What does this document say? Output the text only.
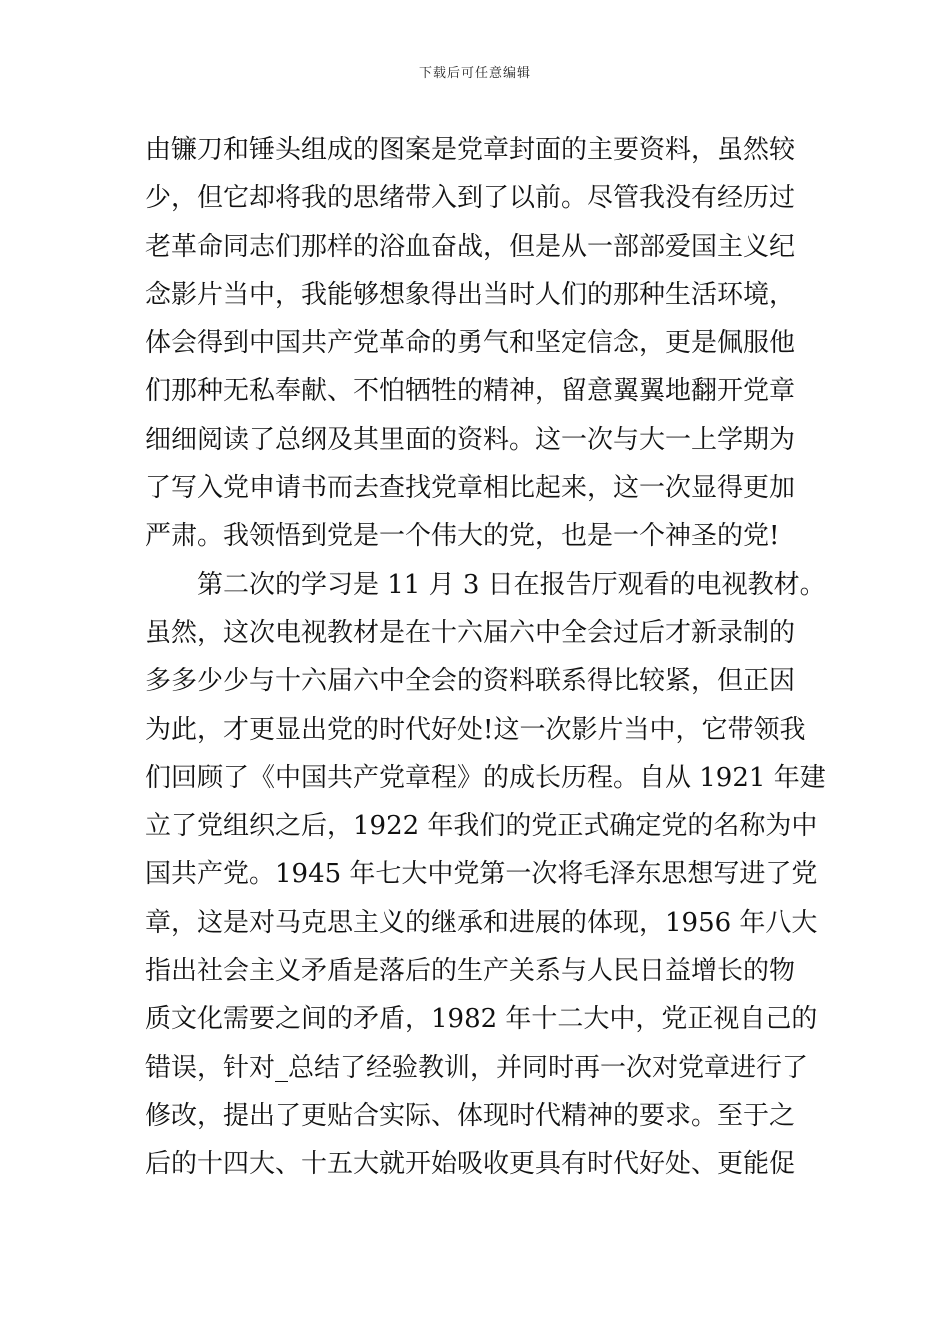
下载后可任意编辑
由镰刀和锤头组成的图案是党章封面的主要资料，虽然较
少，但它却将我的思绪带入到了以前。尽管我没有经历过
老革命同志们那样的浴血奋战，但是从一部部爱国主义纪
念影片当中，我能够想象得出当时人们的那种生活环境，
体会得到中国共产党革命的勇气和坚定信念，更是佩服他
们那种无私奉献、不怕牺牲的精神，留意翼翼地翻开党章
细细阅读了总纲及其里面的资料。这一次与大一上学期为
了写入党申请书而去查找党章相比起来，这一次显得更加
严肃。我领悟到党是一个伟大的党，也是一个神圣的党!
第二次的学习是 11 月 3 日在报告厅观看的电视教材。
虽然，这次电视教材是在十六届六中全会过后才新录制的
多多少少与十六届六中全会的资料联系得比较紧，但正因
为此，才更显出党的时代好处!这一次影片当中，它带领我
们回顾了《中国共产党章程》的成长历程。自从 1921 年建
立了党组织之后，1922 年我们的党正式确定党的名称为中
国共产党。1945 年七大中党第一次将毛泽东思想写进了党
章，这是对马克思主义的继承和进展的体现，1956 年八大
指出社会主义矛盾是落后的生产关系与人民日益增长的物
质文化需要之间的矛盾，1982 年十二大中，党正视自己的
错误，针对_总结了经验教训，并同时再一次对党章进行了
修改，提出了更贴合实际、体现时代精神的要求。至于之
后的十四大、十五大就开始吸收更具有时代好处、更能促
